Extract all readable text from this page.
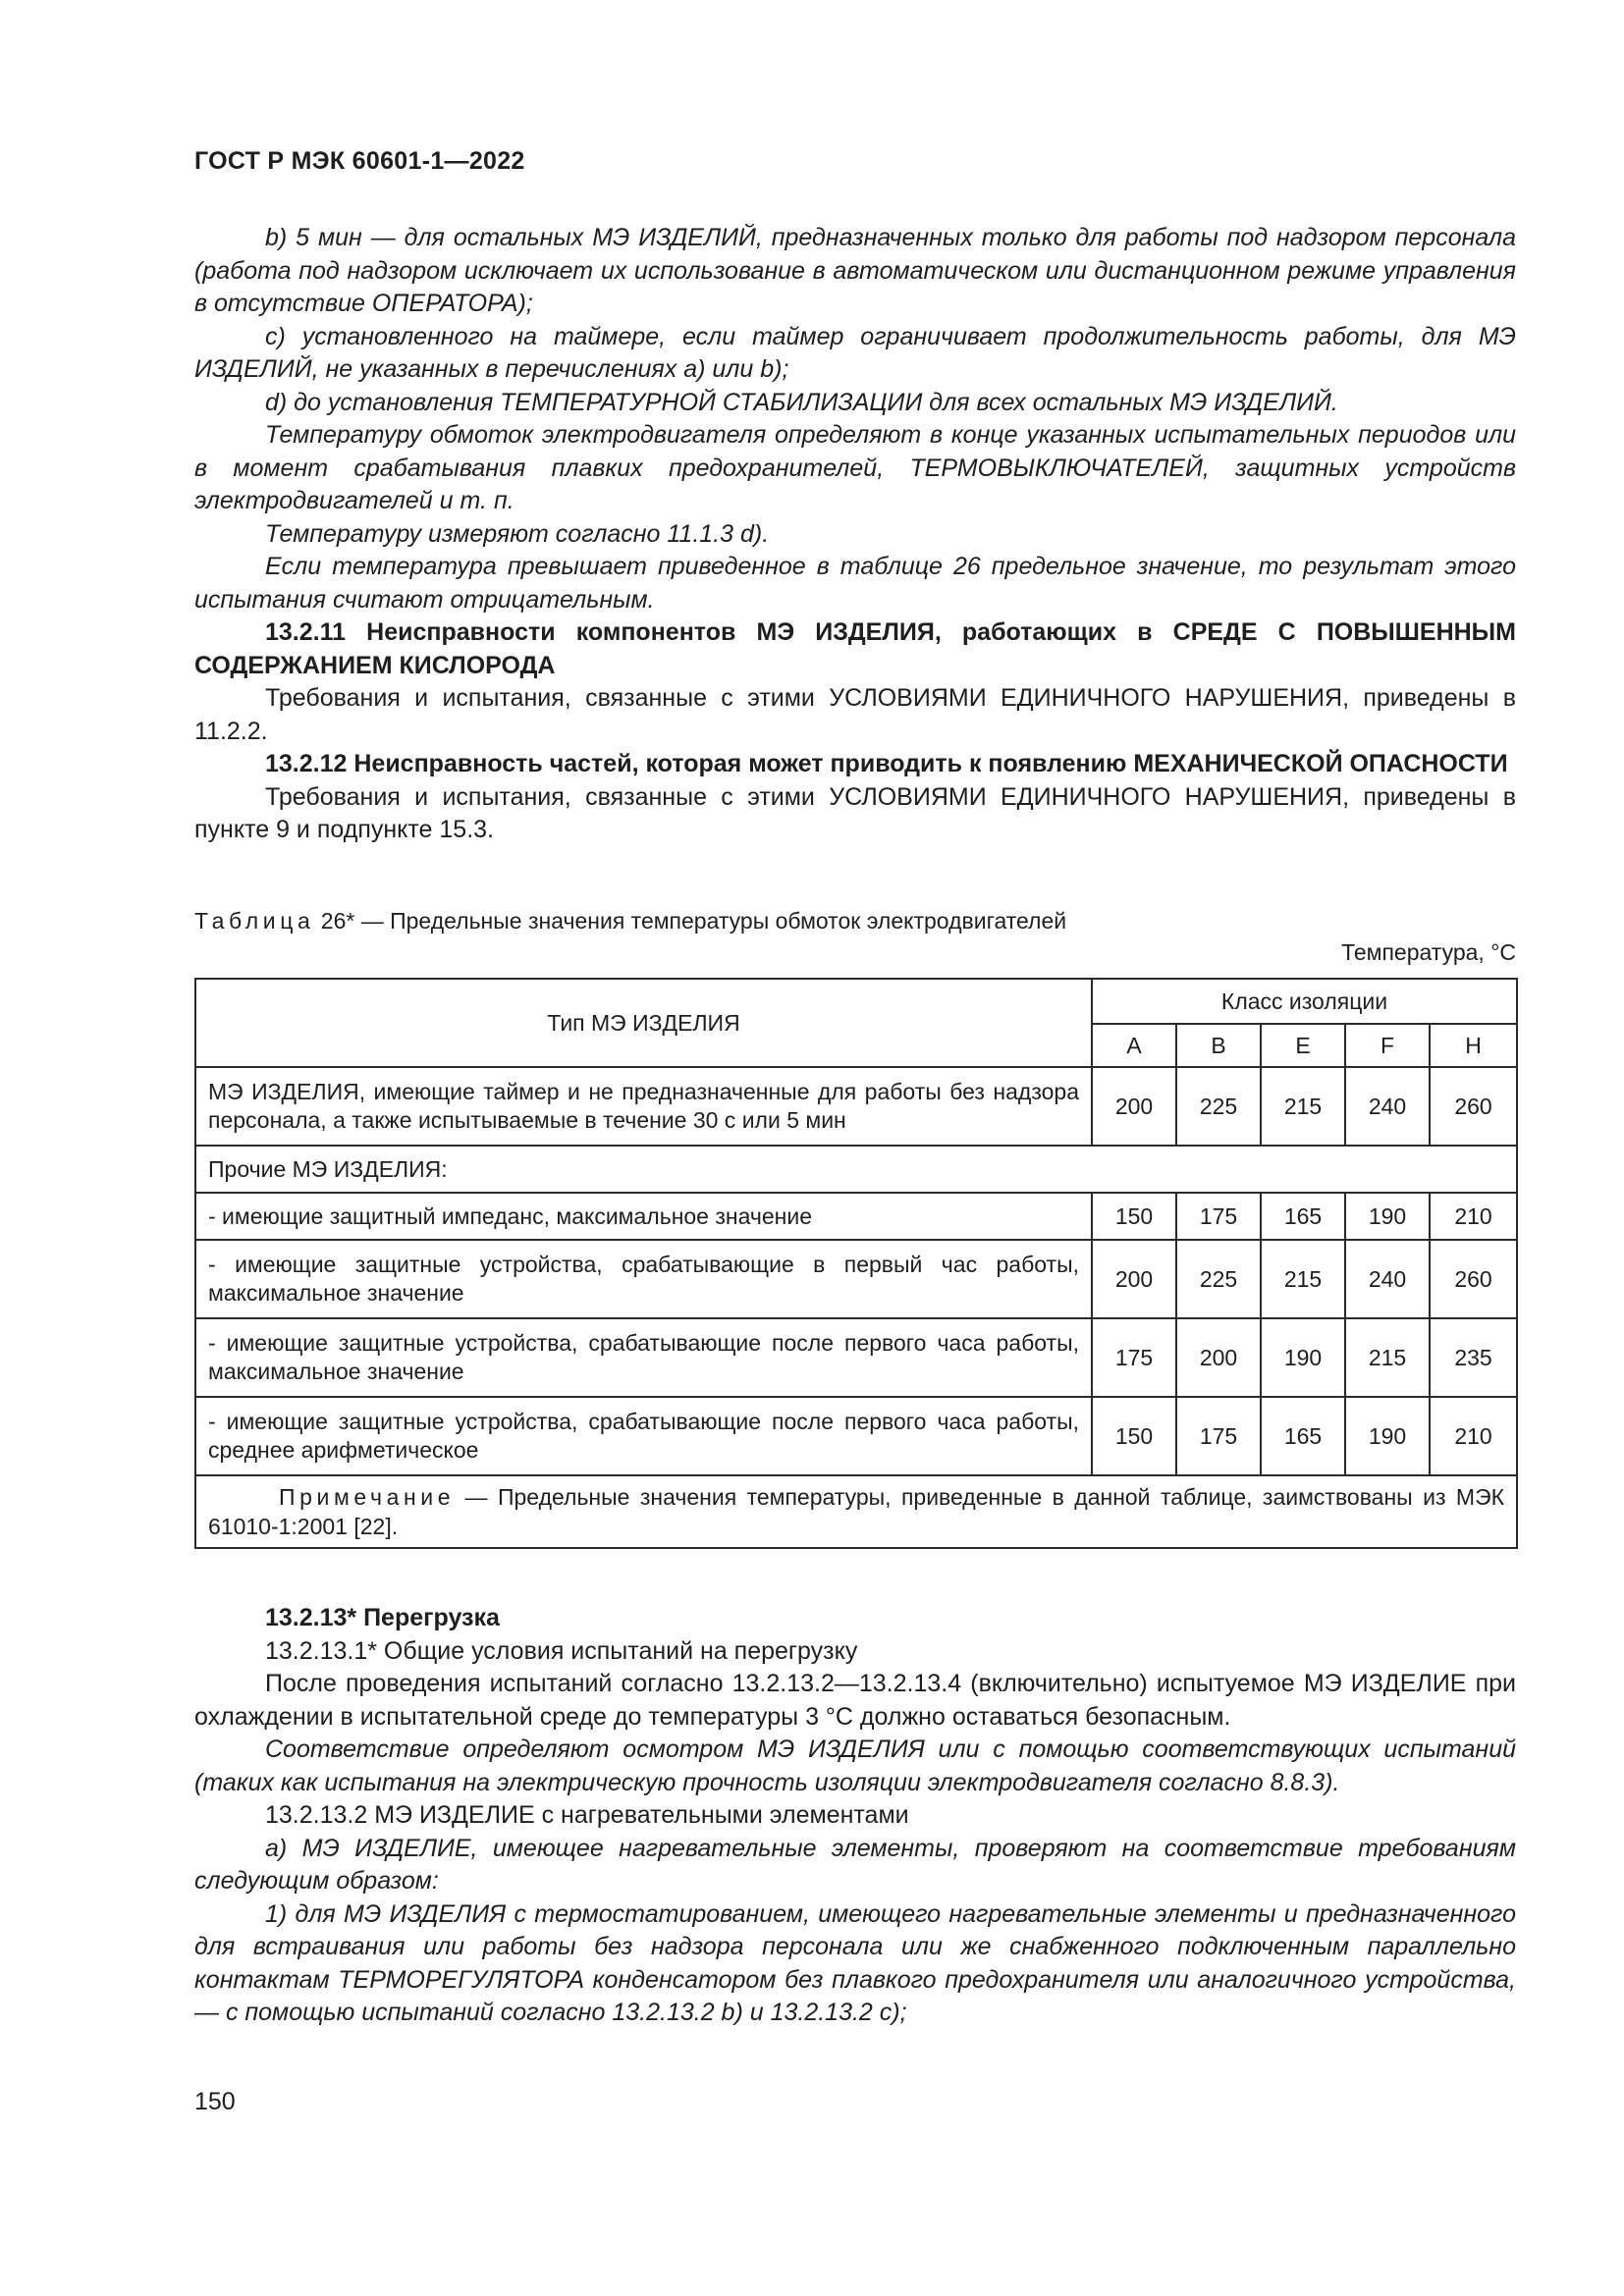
ГОСТ Р МЭК 60601-1—2022

b) 5 мин — для остальных МЭ ИЗДЕЛИЙ, предназначенных только для работы под надзором персонала (работа под надзором исключает их использование в автоматическом или дистанционном режиме управления в отсутствие ОПЕРАТОРА);

c) установленного на таймере, если таймер ограничивает продолжительность работы, для МЭ ИЗДЕЛИЙ, не указанных в перечислениях a) или b);

d) до установления ТЕМПЕРАТУРНОЙ СТАБИЛИЗАЦИИ для всех остальных МЭ ИЗДЕЛИЙ.

Температуру обмоток электродвигателя определяют в конце указанных испытательных периодов или в момент срабатывания плавких предохранителей, ТЕРМОВЫКЛЮЧАТЕЛЕЙ, защитных устройств электродвигателей и т. п.

Температуру измеряют согласно 11.1.3 d).

Если температура превышает приведенное в таблице 26 предельное значение, то результат этого испытания считают отрицательным.

13.2.11 Неисправности компонентов МЭ ИЗДЕЛИЯ, работающих в СРЕДЕ С ПОВЫШЕННЫМ СОДЕРЖАНИЕМ КИСЛОРОДА

Требования и испытания, связанные с этими УСЛОВИЯМИ ЕДИНИЧНОГО НАРУШЕНИЯ, приведены в 11.2.2.

13.2.12 Неисправность частей, которая может приводить к появлению МЕХАНИЧЕСКОЙ ОПАСНОСТИ

Требования и испытания, связанные с этими УСЛОВИЯМИ ЕДИНИЧНОГО НАРУШЕНИЯ, приведены в пункте 9 и подпункте 15.3.

Таблица 26* — Предельные значения температуры обмоток электродвигателей
Температура, °С
Тип МЭ ИЗДЕЛИЯ	Класс изоляции				
	A	B	E	F	H
МЭ ИЗДЕЛИЯ, имеющие таймер и не предназначенные для работы без надзора персонала, а также испытываемые в течение 30 с или 5 мин	200	225	215	240	260
Прочие МЭ ИЗДЕЛИЯ:					
- имеющие защитный импеданс, максимальное значение	150	175	165	190	210
- имеющие защитные устройства, срабатывающие в первый час работы, максимальное значение	200	225	215	240	260
- имеющие защитные устройства, срабатывающие после первого часа работы, максимальное значение	175	200	190	215	235
- имеющие защитные устройства, срабатывающие после первого часа работы, среднее арифметическое	150	175	165	190	210
Примечание — Предельные значения температуры, приведенные в данной таблице, заимствованы из МЭК 61010-1:2001 [22].					

13.2.13* Перегрузка

13.2.13.1* Общие условия испытаний на перегрузку

После проведения испытаний согласно 13.2.13.2—13.2.13.4 (включительно) испытуемое МЭ ИЗДЕЛИЕ при охлаждении в испытательной среде до температуры 3 °С должно оставаться безопасным.

Соответствие определяют осмотром МЭ ИЗДЕЛИЯ или с помощью соответствующих испытаний (таких как испытания на электрическую прочность изоляции электродвигателя согласно 8.8.3).

13.2.13.2 МЭ ИЗДЕЛИЕ с нагревательными элементами

a) МЭ ИЗДЕЛИЕ, имеющее нагревательные элементы, проверяют на соответствие требованиям следующим образом:

1) для МЭ ИЗДЕЛИЯ с термостатированием, имеющего нагревательные элементы и предназначенного для встраивания или работы без надзора персонала или же снабженного подключенным параллельно контактам ТЕРМОРЕГУЛЯТОРА конденсатором без плавкого предохранителя или аналогичного устройства, — с помощью испытаний согласно 13.2.13.2 b) и 13.2.13.2 c);

150
